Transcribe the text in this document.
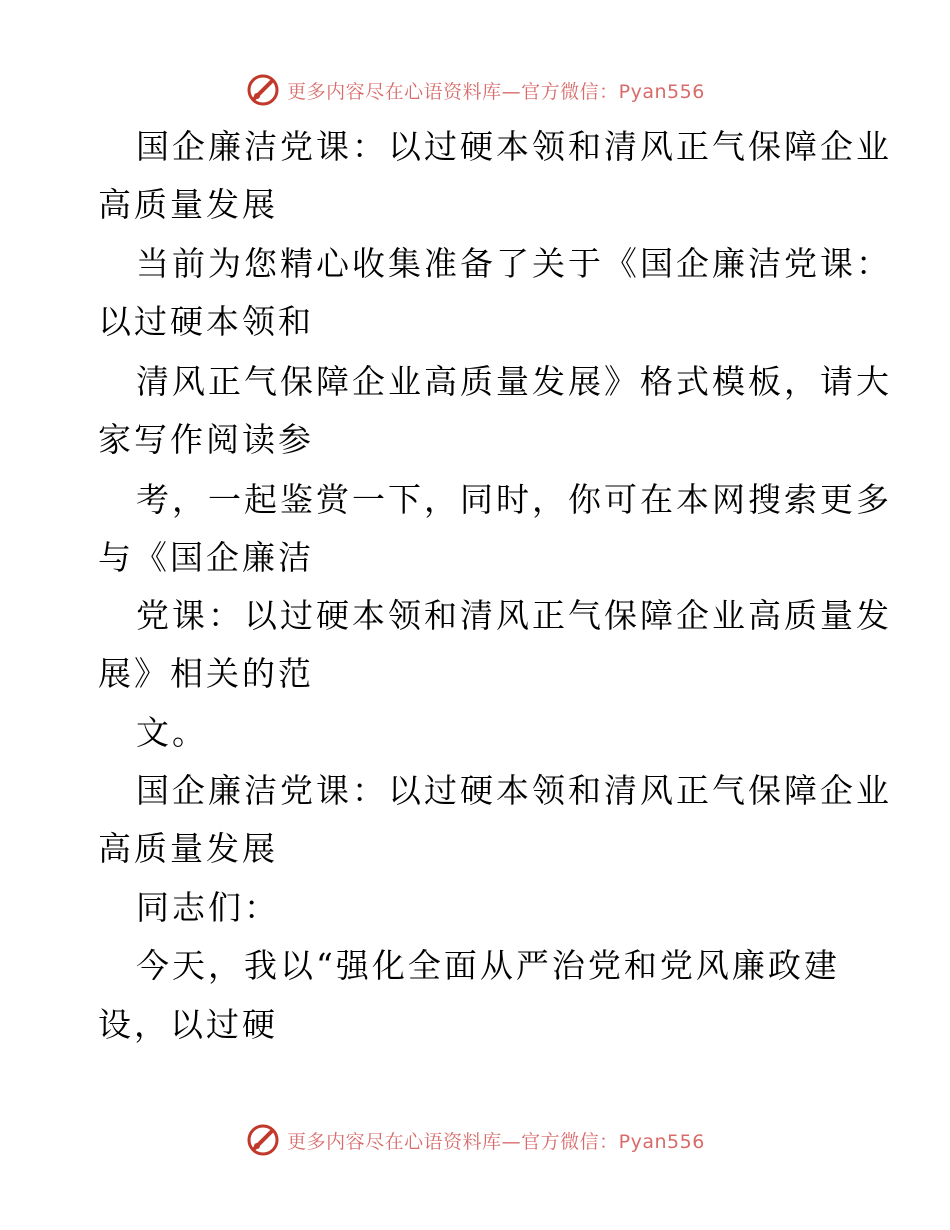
更多内容尽在心语资料库—官方微信：Pyan556
国企廉洁党课：以过硬本领和清风正气保障企业
高质量发展
当前为您精心收集准备了关于《国企廉洁党课：
以过硬本领和
清风正气保障企业高质量发展》格式模板，请大
家写作阅读参
考，一起鉴赏一下，同时，你可在本网搜索更多
与《国企廉洁
党课：以过硬本领和清风正气保障企业高质量发
展》相关的范
文。
国企廉洁党课：以过硬本领和清风正气保障企业
高质量发展
同志们：
今天，我以“强化全面从严治党和党风廉政建
设，以过硬
更多内容尽在心语资料库—官方微信：Pyan556
